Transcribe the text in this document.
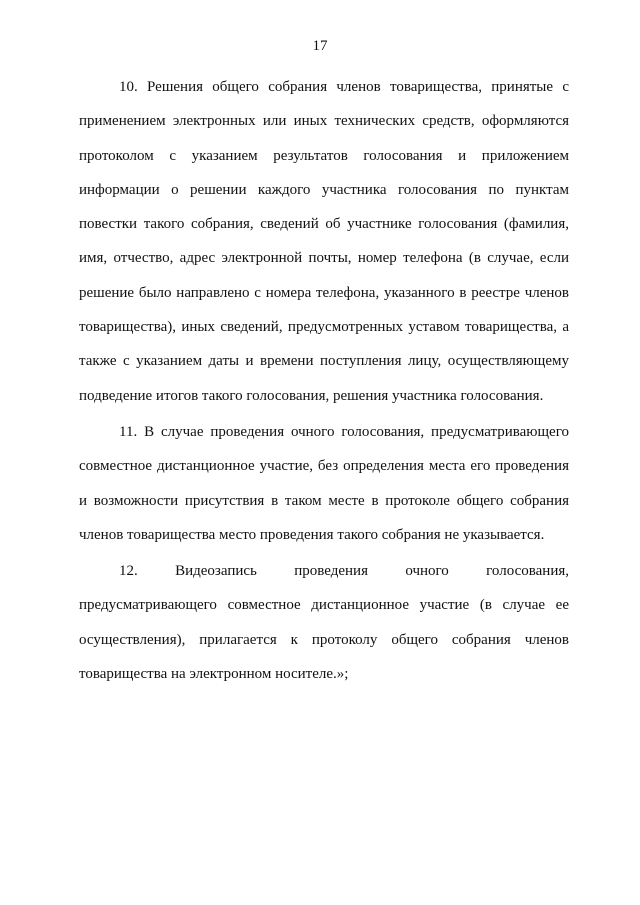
17

10. Решения общего собрания членов товарищества, принятые с применением электронных или иных технических средств, оформляются протоколом с указанием результатов голосования и приложением информации о решении каждого участника голосования по пунктам повестки такого собрания, сведений об участнике голосования (фамилия, имя, отчество, адрес электронной почты, номер телефона (в случае, если решение было направлено с номера телефона, указанного в реестре членов товарищества), иных сведений, предусмотренных уставом товарищества, а также с указанием даты и времени поступления лицу, осуществляющему подведение итогов такого голосования, решения участника голосования.

11. В случае проведения очного голосования, предусматривающего совместное дистанционное участие, без определения места его проведения и возможности присутствия в таком месте в протоколе общего собрания членов товарищества место проведения такого собрания не указывается.

12. Видеозапись проведения очного голосования, предусматривающего совместное дистанционное участие (в случае ее осуществления), прилагается к протоколу общего собрания членов товарищества на электронном носителе.»;
